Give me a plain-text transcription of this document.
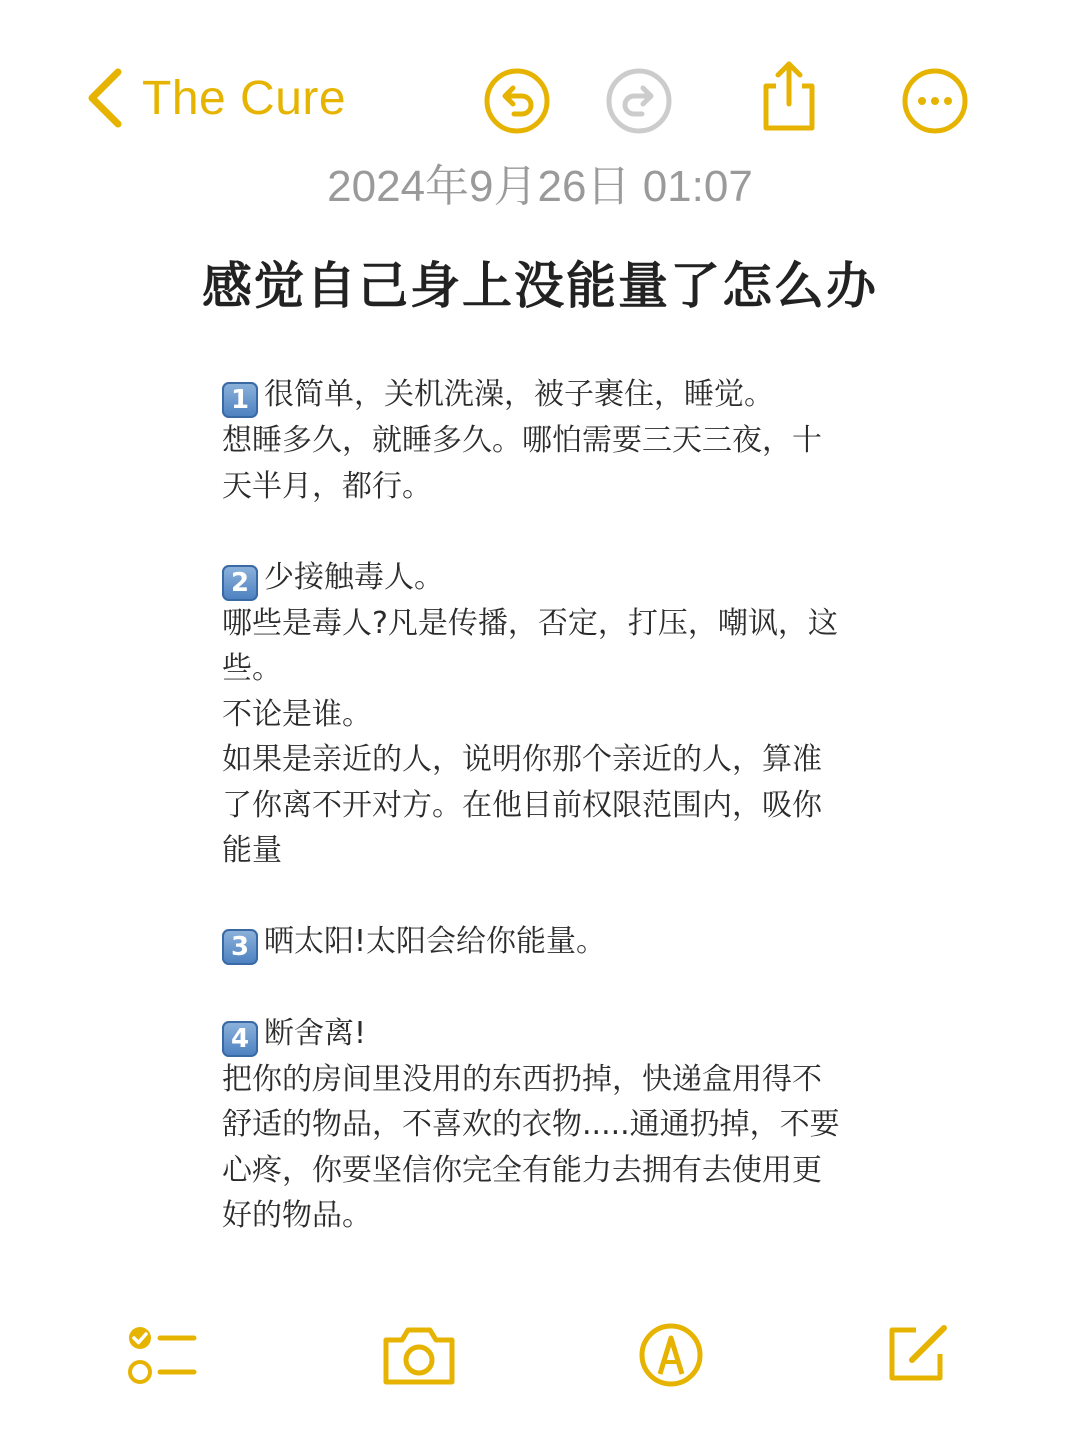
The Cure
2024年9月26日 01:07
感觉自己身上没能量了怎么办

1 很简单，关机洗澡，被子裹住，睡觉。

想睡多久，就睡多久。哪怕需要三天三夜，十

天半月，都行。

2 少接触毒人。

哪些是毒人?凡是传播，否定，打压，嘲讽，这

些。

不论是谁。

如果是亲近的人，说明你那个亲近的人，算准

了你离不开对方。在他目前权限范围内，吸你

能量

3 晒太阳!太阳会给你能量。

4 断舍离!

把你的房间里没用的东西扔掉，快递盒用得不

舒适的物品，不喜欢的衣物.....通通扔掉，不要

心疼，你要坚信你完全有能力去拥有去使用更

好的物品。
